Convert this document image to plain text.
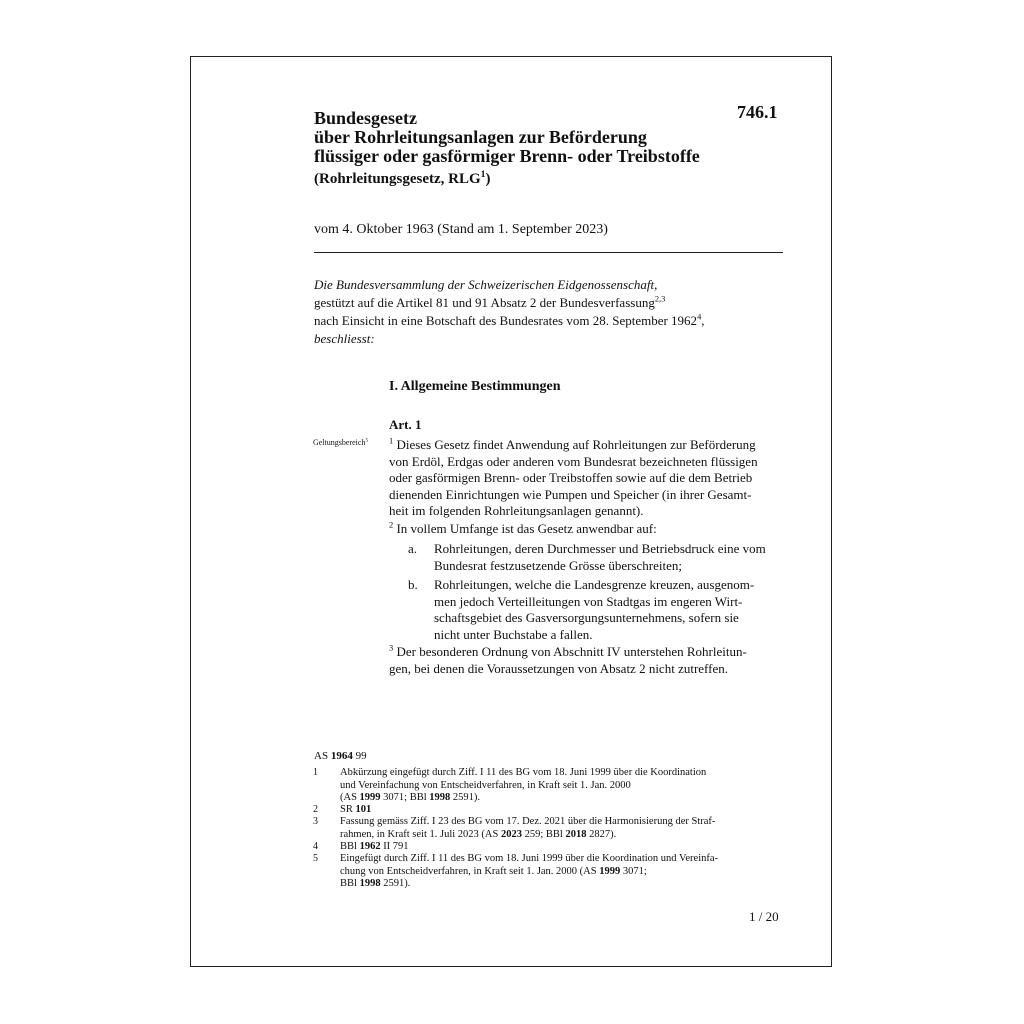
746.1
Bundesgesetz
über Rohrleitungsanlagen zur Beförderung
flüssiger oder gasförmiger Brenn- oder Treibstoffe
(Rohrleitungsgesetz, RLG$^1$)
vom 4. Oktober 1963 (Stand am 1. September 2023)
Die Bundesversammlung der Schweizerischen Eidgenossenschaft,
gestützt auf die Artikel 81 und 91 Absatz 2 der Bundesverfassung$^{2,3}$
nach Einsicht in eine Botschaft des Bundesrates vom 28. September 1962$^4$,
beschliesst:
I. Allgemeine Bestimmungen
Art. 1
Geltungsbereich$^5$ $^1$ Dieses Gesetz findet Anwendung auf Rohrleitungen zur Beförderung
von Erdöl, Erdgas oder anderen vom Bundesrat bezeichneten flüssigen
oder gasförmigen Brenn- oder Treibstoffen sowie auf die dem Betrieb
dienenden Einrichtungen wie Pumpen und Speicher (in ihrer Gesamt-
heit im folgenden Rohrleitungsanlagen genannt).
$^2$ In vollem Umfange ist das Gesetz anwendbar auf:
a. Rohrleitungen, deren Durchmesser und Betriebsdruck eine vom
Bundesrat festzusetzende Grösse überschreiten;
b. Rohrleitungen, welche die Landesgrenze kreuzen, ausgenom-
men jedoch Verteilleitungen von Stadtgas im engeren Wirt-
schaftsgebiet des Gasversorgungsunternehmens, sofern sie
nicht unter Buchstabe a fallen.
$^3$ Der besonderen Ordnung von Abschnitt IV unterstehen Rohrleitun-
gen, bei denen die Voraussetzungen von Absatz 2 nicht zutreffen.
AS 1964 99
1 Abkürzung eingefügt durch Ziff. I 11 des BG vom 18. Juni 1999 über die Koordination
und Vereinfachung von Entscheidverfahren, in Kraft seit 1. Jan. 2000
(AS 1999 3071; BBl 1998 2591).
2 SR 101
3 Fassung gemäss Ziff. I 23 des BG vom 17. Dez. 2021 über die Harmonisierung der Straf-
rahmen, in Kraft seit 1. Juli 2023 (AS 2023 259; BBl 2018 2827).
4 BBl 1962 II 791
5 Eingefügt durch Ziff. I 11 des BG vom 18. Juni 1999 über die Koordination und Vereinfa-
chung von Entscheidverfahren, in Kraft seit 1. Jan. 2000 (AS 1999 3071;
BBl 1998 2591).
1 / 20
